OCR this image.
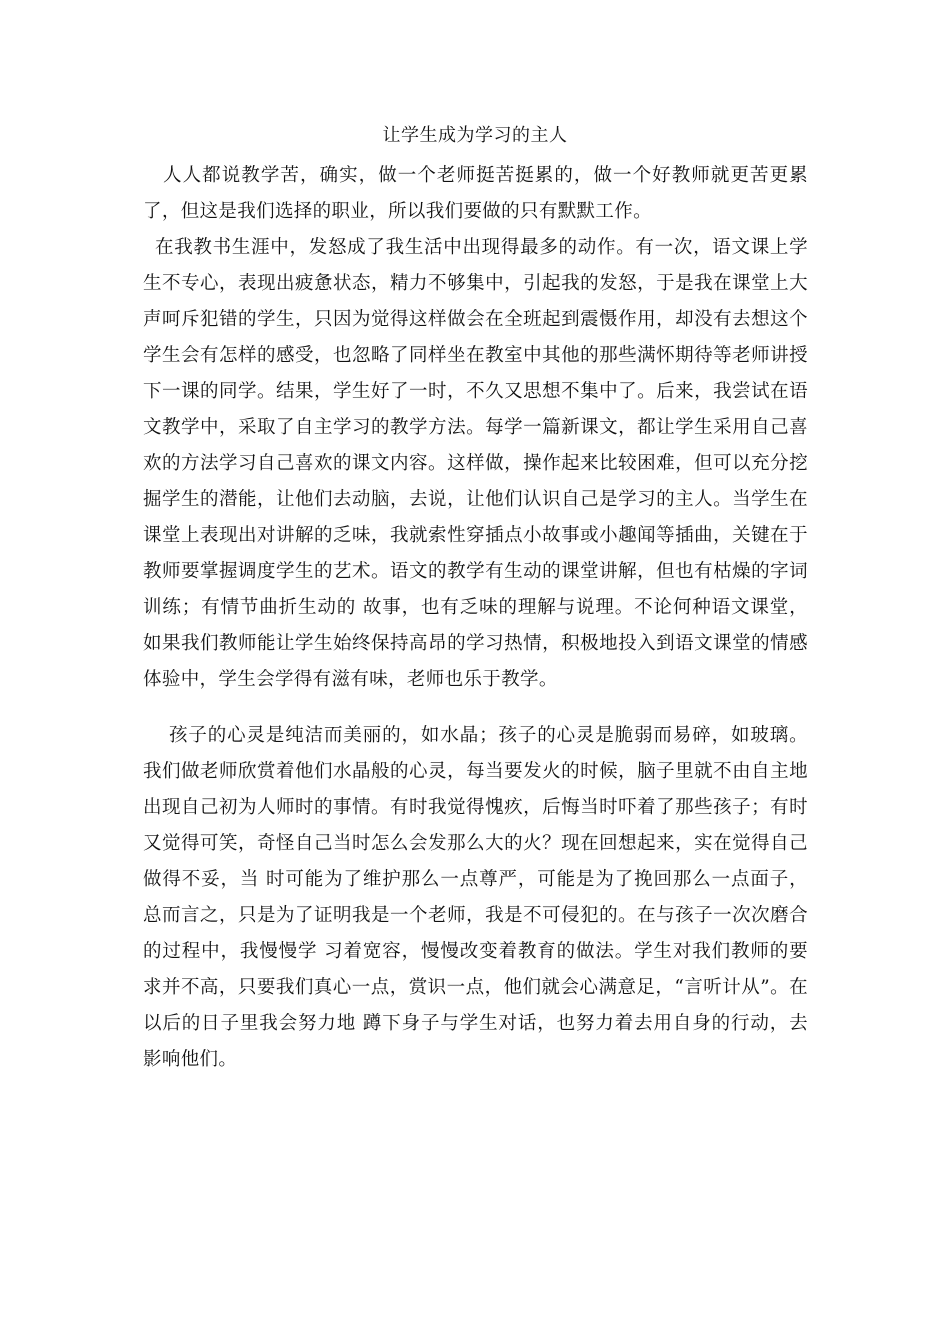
让学生成为学习的主人

人人都说教学苦，确实，做一个老师挺苦挺累的，做一个好教师就更苦更累了，但这是我们选择的职业，所以我们要做的只有默默工作。

在我教书生涯中，发怒成了我生活中出现得最多的动作。有一次，语文课上学生不专心，表现出疲惫状态，精力不够集中，引起我的发怒，于是我在课堂上大声呵斥犯错的学生，只因为觉得这样做会在全班起到震慑作用，却没有去想这个学生会有怎样的感受，也忽略了同样坐在教室中其他的那些满怀期待等老师讲授下一课的同学。结果，学生好了一时，不久又思想不集中了。后来，我尝试在语文教学中，采取了自主学习的教学方法。每学一篇新课文，都让学生采用自己喜欢的方法学习自己喜欢的课文内容。这样做，操作起来比较困难，但可以充分挖掘学生的潜能，让他们去动脑，去说，让他们认识自己是学习的主人。当学生在课堂上表现出对讲解的乏味，我就索性穿插点小故事或小趣闻等插曲，关键在于教师要掌握调度学生的艺术。语文的教学有生动的课堂讲解，但也有枯燥的字词训练；有情节曲折生动的 故事，也有乏味的理解与说理。不论何种语文课堂，如果我们教师能让学生始终保持高昂的学习热情，积极地投入到语文课堂的情感体验中，学生会学得有滋有味，老师也乐于教学。

孩子的心灵是纯洁而美丽的，如水晶；孩子的心灵是脆弱而易碎，如玻璃。我们做老师欣赏着他们水晶般的心灵，每当要发火的时候，脑子里就不由自主地出现自己初为人师时的事情。有时我觉得愧疚，后悔当时吓着了那些孩子；有时又觉得可笑，奇怪自己当时怎么会发那么大的火？现在回想起来，实在觉得自己做得不妥，当 时可能为了维护那么一点尊严，可能是为了挽回那么一点面子，总而言之，只是为了证明我是一个老师，我是不可侵犯的。在与孩子一次次磨合的过程中，我慢慢学 习着宽容，慢慢改变着教育的做法。学生对我们教师的要求并不高，只要我们真心一点，赏识一点，他们就会心满意足，“言听计从”。在以后的日子里我会努力地 蹲下身子与学生对话，也努力着去用自身的行动，去影响他们。
